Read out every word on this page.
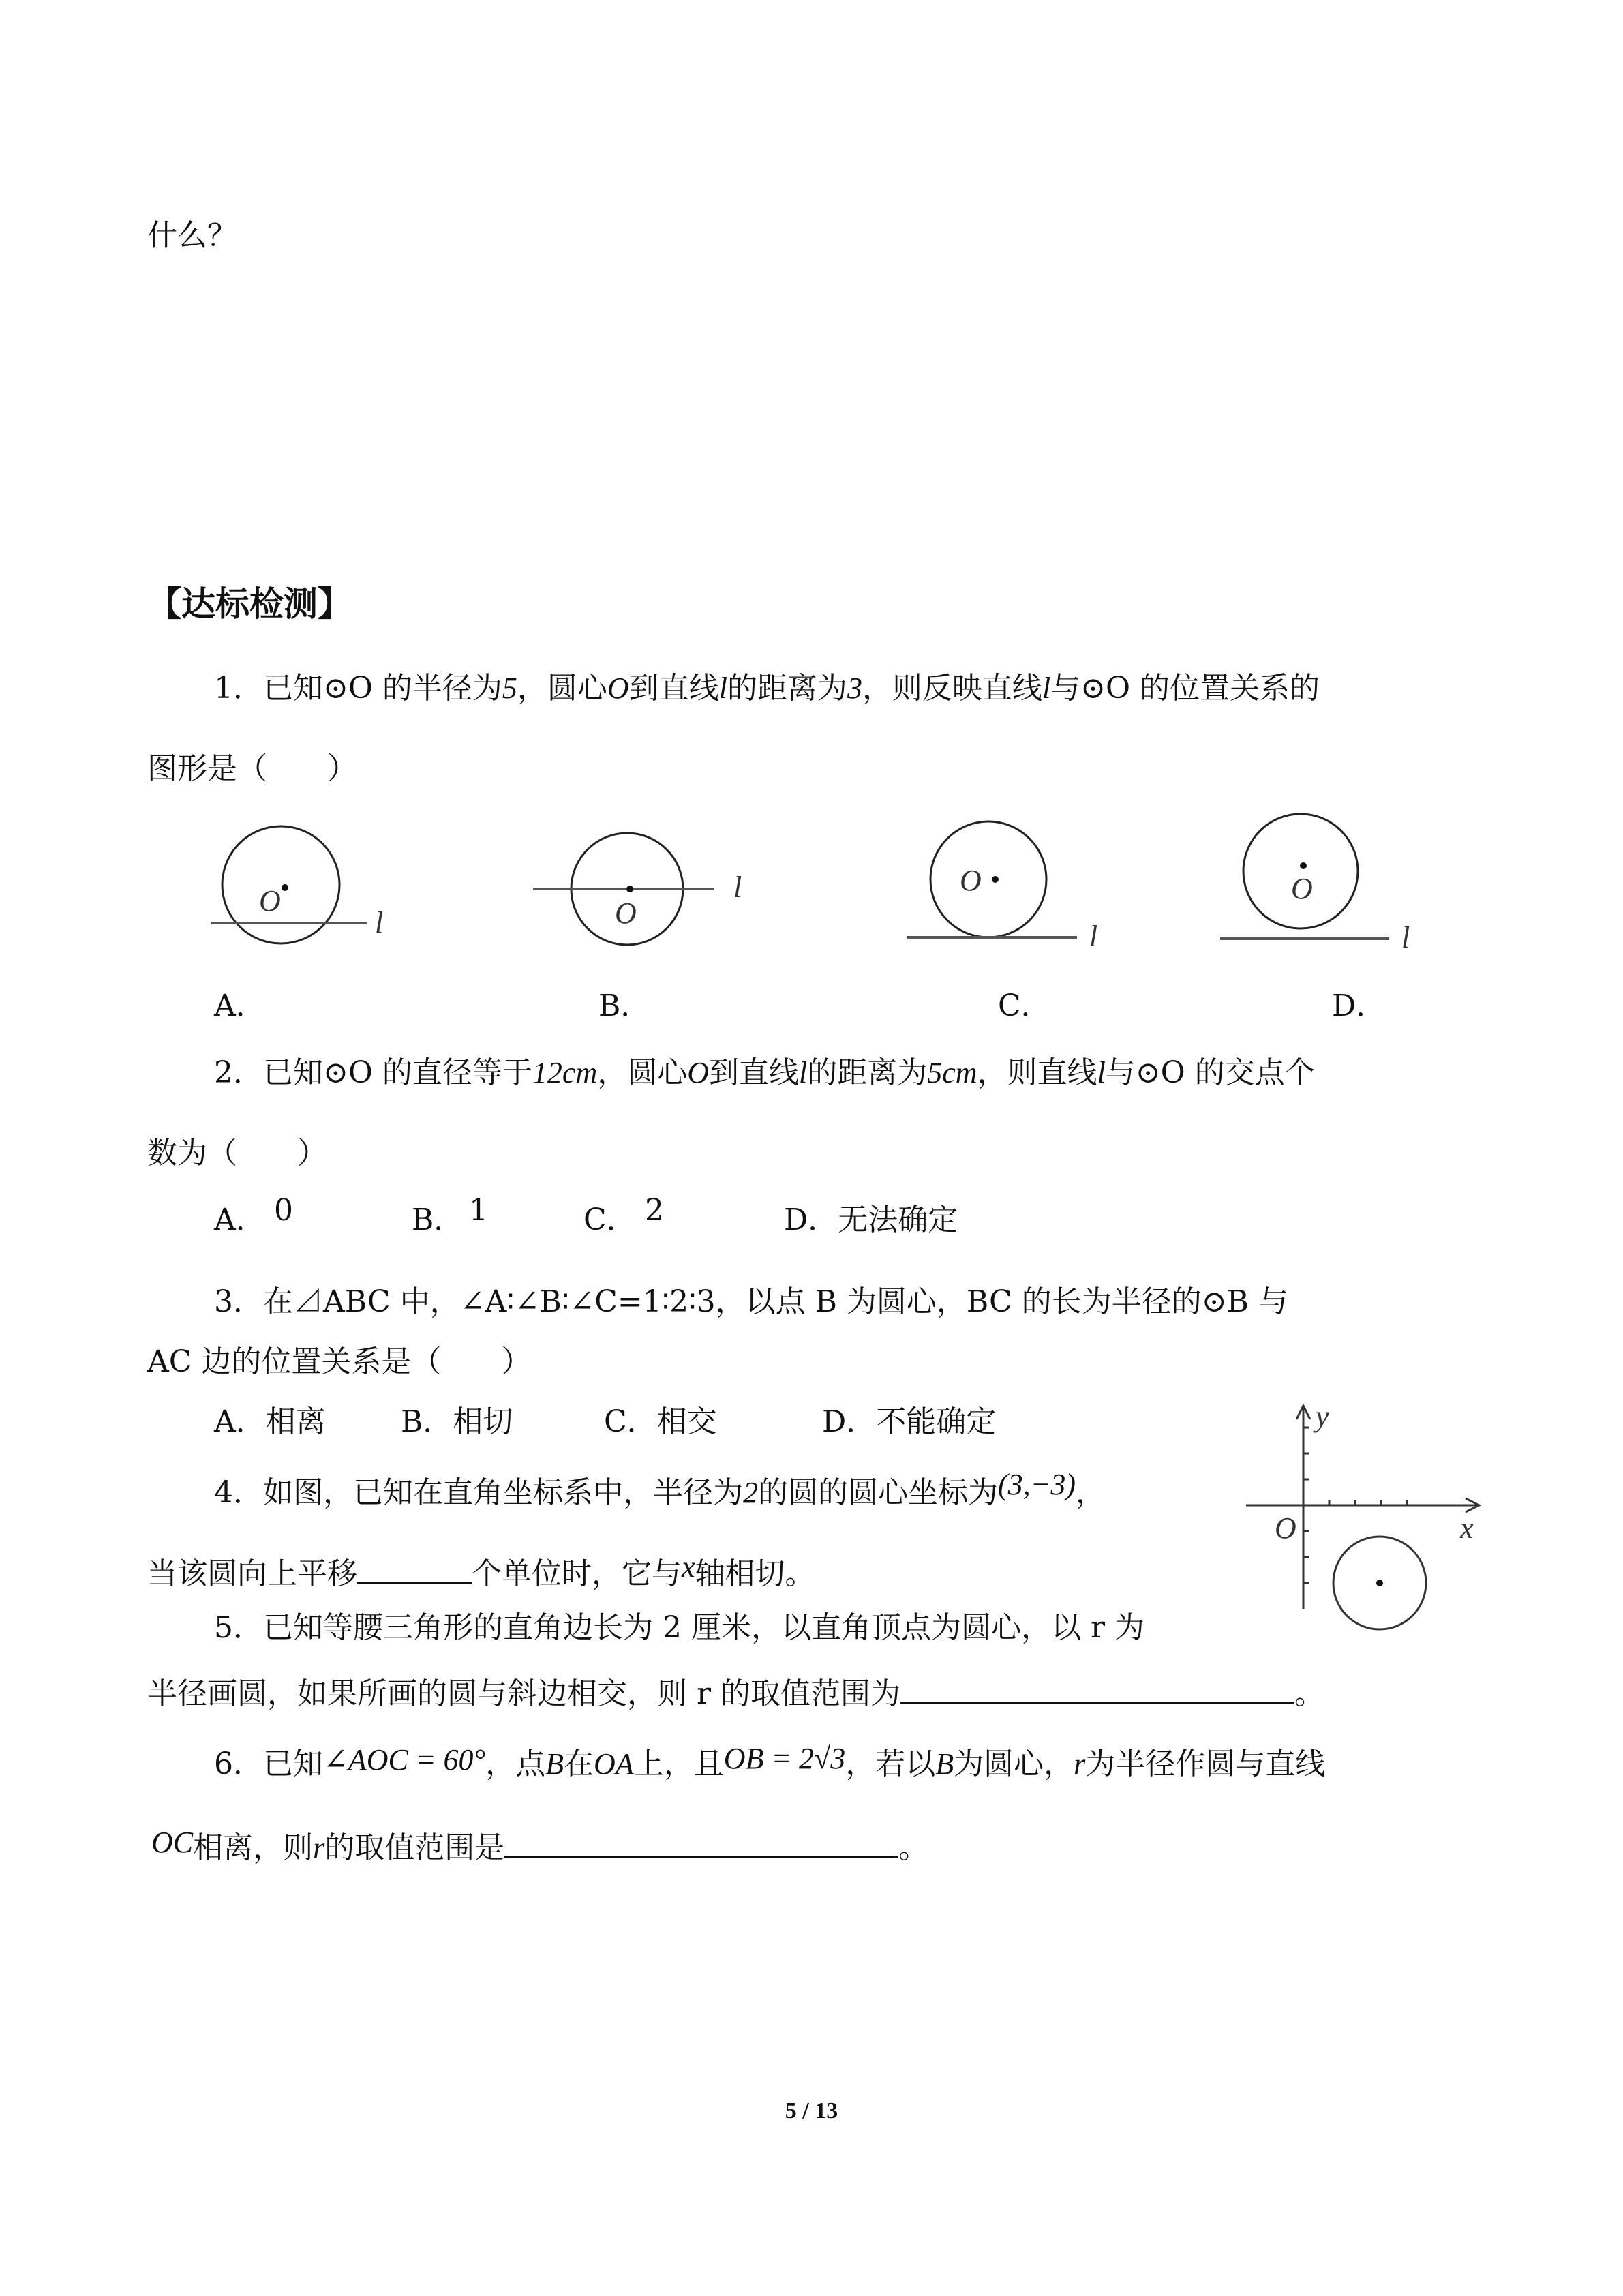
什么？
【达标检测】
1．已知⊙O 的半径为5，圆心O到直线l的距离为3，则反映直线l与⊙O 的位置关系的
图形是（　　）
O
l	O
l	O
l
O
l
A．	B．	C．	D．
2．已知⊙O 的直径等于12cm，圆心O到直线l的距离为5cm，则直线l与⊙O 的交点个
数为（　　）
A． 0	B． 1	C． 2	D．无法确定
3．在⊿ABC 中，∠A∶∠B∶∠C=1∶2∶3，以点 B 为圆心，BC 的长为半径的⊙B 与
AC 边的位置关系是（　　）
A．相离	B．相切	C．相交	D．不能确定
4．如图，已知在直角坐标系中，半径为2的圆的圆心坐标为(3,−3)，
当该圆向上平移	个单位时，它与x轴相切。
y
x
O
5．已知等腰三角形的直角边长为 2 厘米，以直角顶点为圆心，以 r 为
半径画圆，如果所画的圆与斜边相交，则 r 的取值范围为	。
6．已知∠AOC = 60°，点B在OA上，且OB = 2√3，若以B为圆心，r为半径作圆与直线
OC相离，则r的取值范围是	。
5 / 13
